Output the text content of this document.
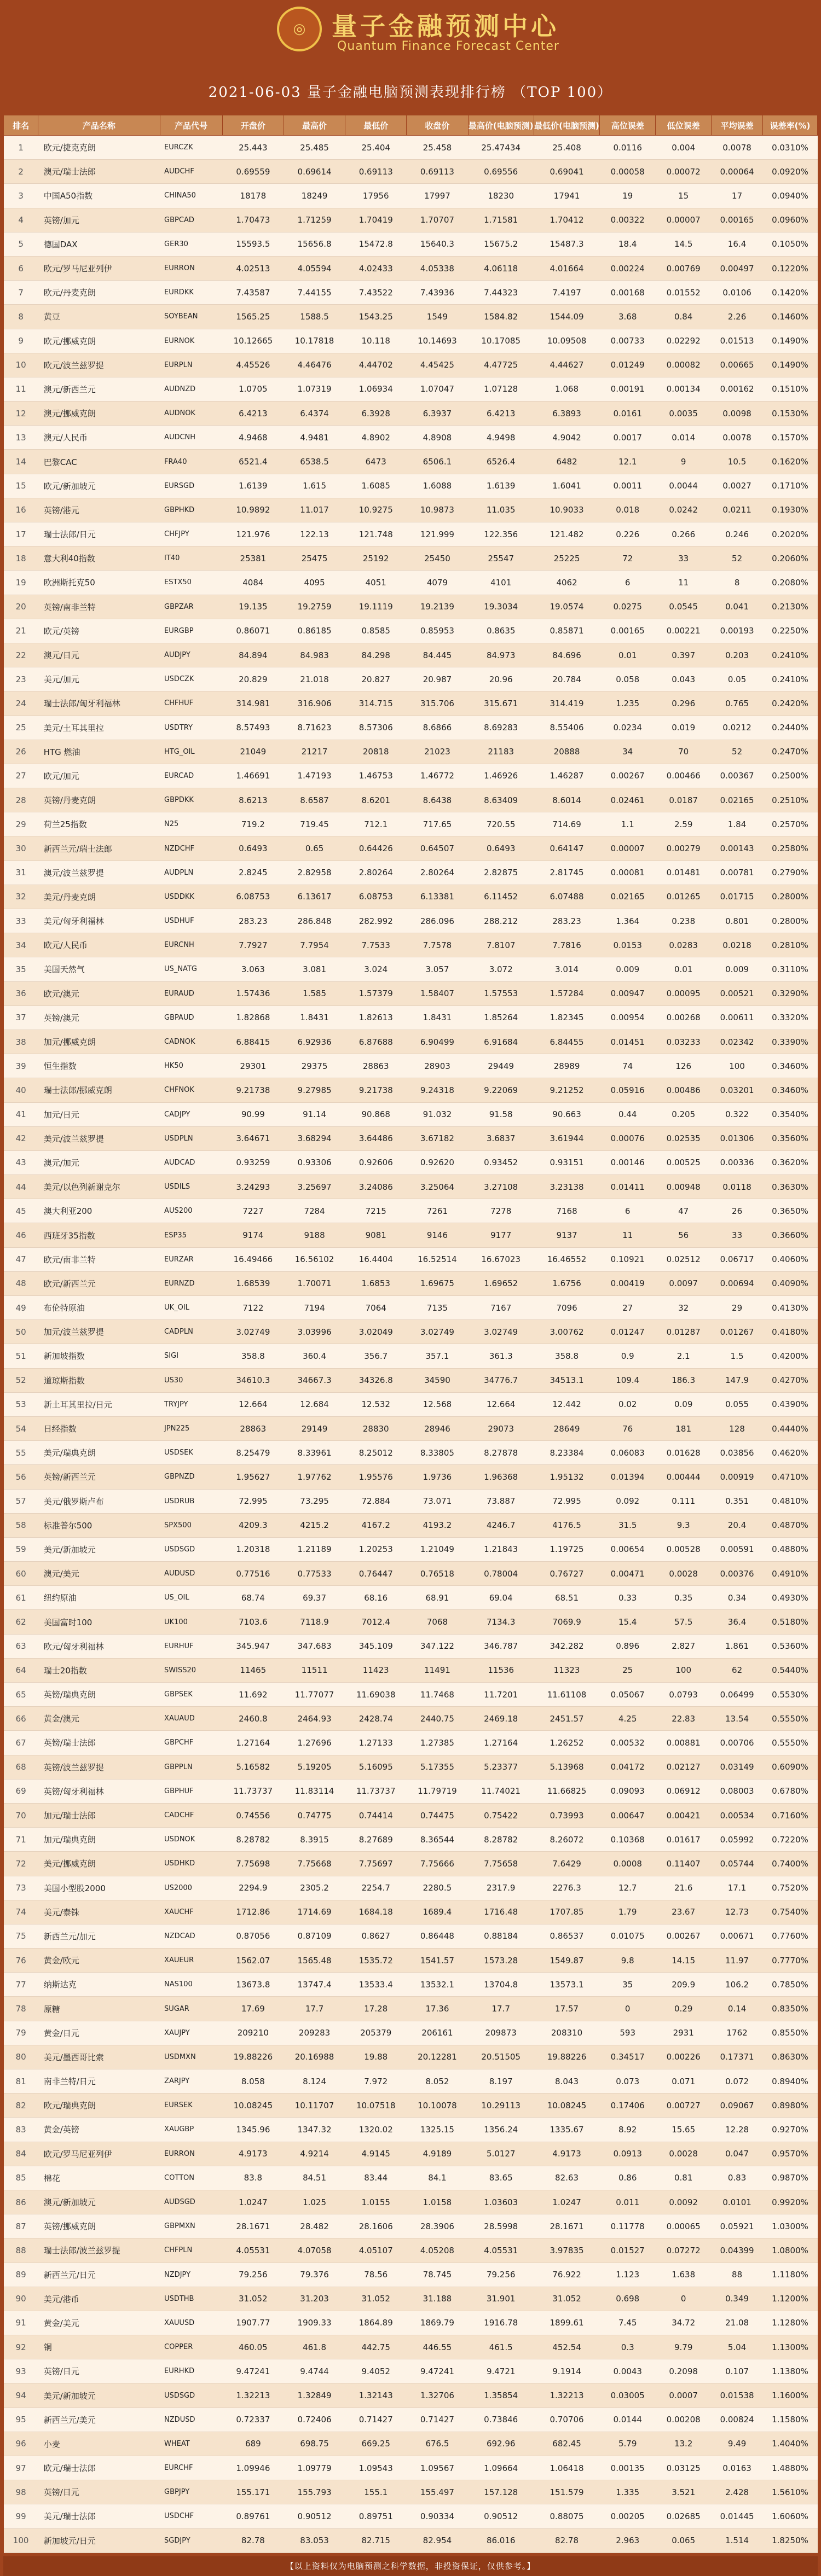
◎	量子金融预测中心
Quantum Finance Forecast Center
2021-06-03 量子金融电脑预测表现排行榜 （TOP 100）
排名	产品名称	产品代号	开盘价	最高价	最低价	收盘价	最高价(电脑预测)	最低价(电脑预测)	高位误差	低位误差	平均误差	误差率(%)
1	欧元/捷克克朗	EURCZK	25.443	25.485	25.404	25.458	25.47434	25.408	0.0116	0.004	0.0078	0.0310%
2	澳元/瑞士法郎	AUDCHF	0.69559	0.69614	0.69113	0.69113	0.69556	0.69041	0.00058	0.00072	0.00064	0.0920%
3	中国A50指数	CHINA50	18178	18249	17956	17997	18230	17941	19	15	17	0.0940%
4	英镑/加元	GBPCAD	1.70473	1.71259	1.70419	1.70707	1.71581	1.70412	0.00322	0.00007	0.00165	0.0960%
5	德国DAX	GER30	15593.5	15656.8	15472.8	15640.3	15675.2	15487.3	18.4	14.5	16.4	0.1050%
6	欧元/罗马尼亚列伊	EURRON	4.02513	4.05594	4.02433	4.05338	4.06118	4.01664	0.00224	0.00769	0.00497	0.1220%
7	欧元/丹麦克朗	EURDKK	7.43587	7.44155	7.43522	7.43936	7.44323	7.4197	0.00168	0.01552	0.0106	0.1420%
8	黄豆	SOYBEAN	1565.25	1588.5	1543.25	1549	1584.82	1544.09	3.68	0.84	2.26	0.1460%
9	欧元/挪威克朗	EURNOK	10.12665	10.17818	10.118	10.14693	10.17085	10.09508	0.00733	0.02292	0.01513	0.1490%
10	欧元/波兰兹罗提	EURPLN	4.45526	4.46476	4.44702	4.45425	4.47725	4.44627	0.01249	0.00082	0.00665	0.1490%
11	澳元/新西兰元	AUDNZD	1.0705	1.07319	1.06934	1.07047	1.07128	1.068	0.00191	0.00134	0.00162	0.1510%
12	澳元/挪威克朗	AUDNOK	6.4213	6.4374	6.3928	6.3937	6.4213	6.3893	0.0161	0.0035	0.0098	0.1530%
13	澳元/人民币	AUDCNH	4.9468	4.9481	4.8902	4.8908	4.9498	4.9042	0.0017	0.014	0.0078	0.1570%
14	巴黎CAC	FRA40	6521.4	6538.5	6473	6506.1	6526.4	6482	12.1	9	10.5	0.1620%
15	欧元/新加坡元	EURSGD	1.6139	1.615	1.6085	1.6088	1.6139	1.6041	0.0011	0.0044	0.0027	0.1710%
16	英镑/港元	GBPHKD	10.9892	11.017	10.9275	10.9873	11.035	10.9033	0.018	0.0242	0.0211	0.1930%
17	瑞士法郎/日元	CHFJPY	121.976	122.13	121.748	121.999	122.356	121.482	0.226	0.266	0.246	0.2020%
18	意大利40指数	IT40	25381	25475	25192	25450	25547	25225	72	33	52	0.2060%
19	欧洲斯托克50	ESTX50	4084	4095	4051	4079	4101	4062	6	11	8	0.2080%
20	英镑/南非兰特	GBPZAR	19.135	19.2759	19.1119	19.2139	19.3034	19.0574	0.0275	0.0545	0.041	0.2130%
21	欧元/英镑	EURGBP	0.86071	0.86185	0.8585	0.85953	0.8635	0.85871	0.00165	0.00221	0.00193	0.2250%
22	澳元/日元	AUDJPY	84.894	84.983	84.298	84.445	84.973	84.696	0.01	0.397	0.203	0.2410%
23	美元/加元	USDCZK	20.829	21.018	20.827	20.987	20.96	20.784	0.058	0.043	0.05	0.2410%
24	瑞士法郎/匈牙利福林	CHFHUF	314.981	316.906	314.715	315.706	315.671	314.419	1.235	0.296	0.765	0.2420%
25	美元/土耳其里拉	USDTRY	8.57493	8.71623	8.57306	8.6866	8.69283	8.55406	0.0234	0.019	0.0212	0.2440%
26	HTG 燃油	HTG_OIL	21049	21217	20818	21023	21183	20888	34	70	52	0.2470%
27	欧元/加元	EURCAD	1.46691	1.47193	1.46753	1.46772	1.46926	1.46287	0.00267	0.00466	0.00367	0.2500%
28	英镑/丹麦克朗	GBPDKK	8.6213	8.6587	8.6201	8.6438	8.63409	8.6014	0.02461	0.0187	0.02165	0.2510%
29	荷兰25指数	N25	719.2	719.45	712.1	717.65	720.55	714.69	1.1	2.59	1.84	0.2570%
30	新西兰元/瑞士法郎	NZDCHF	0.6493	0.65	0.64426	0.64507	0.6493	0.64147	0.00007	0.00279	0.00143	0.2580%
31	澳元/波兰兹罗提	AUDPLN	2.8245	2.82958	2.80264	2.80264	2.82875	2.81745	0.00081	0.01481	0.00781	0.2790%
32	美元/丹麦克朗	USDDKK	6.08753	6.13617	6.08753	6.13381	6.11452	6.07488	0.02165	0.01265	0.01715	0.2800%
33	美元/匈牙利福林	USDHUF	283.23	286.848	282.992	286.096	288.212	283.23	1.364	0.238	0.801	0.2800%
34	欧元/人民币	EURCNH	7.7927	7.7954	7.7533	7.7578	7.8107	7.7816	0.0153	0.0283	0.0218	0.2810%
35	美国天然气	US_NATG	3.063	3.081	3.024	3.057	3.072	3.014	0.009	0.01	0.009	0.3110%
36	欧元/澳元	EURAUD	1.57436	1.585	1.57379	1.58407	1.57553	1.57284	0.00947	0.00095	0.00521	0.3290%
37	英镑/澳元	GBPAUD	1.82868	1.8431	1.82613	1.8431	1.85264	1.82345	0.00954	0.00268	0.00611	0.3320%
38	加元/挪威克朗	CADNOK	6.88415	6.92936	6.87688	6.90499	6.91684	6.84455	0.01451	0.03233	0.02342	0.3390%
39	恒生指数	HK50	29301	29375	28863	28903	29449	28989	74	126	100	0.3460%
40	瑞士法郎/挪威克朗	CHFNOK	9.21738	9.27985	9.21738	9.24318	9.22069	9.21252	0.05916	0.00486	0.03201	0.3460%
41	加元/日元	CADJPY	90.99	91.14	90.868	91.032	91.58	90.663	0.44	0.205	0.322	0.3540%
42	美元/波兰兹罗提	USDPLN	3.64671	3.68294	3.64486	3.67182	3.6837	3.61944	0.00076	0.02535	0.01306	0.3560%
43	澳元/加元	AUDCAD	0.93259	0.93306	0.92606	0.92620	0.93452	0.93151	0.00146	0.00525	0.00336	0.3620%
44	美元/以色列新谢克尔	USDILS	3.24293	3.25697	3.24086	3.25064	3.27108	3.23138	0.01411	0.00948	0.0118	0.3630%
45	澳大利亚200	AUS200	7227	7284	7215	7261	7278	7168	6	47	26	0.3650%
46	西班牙35指数	ESP35	9174	9188	9081	9146	9177	9137	11	56	33	0.3660%
47	欧元/南非兰特	EURZAR	16.49466	16.56102	16.4404	16.52514	16.67023	16.46552	0.10921	0.02512	0.06717	0.4060%
48	欧元/新西兰元	EURNZD	1.68539	1.70071	1.6853	1.69675	1.69652	1.6756	0.00419	0.0097	0.00694	0.4090%
49	布伦特原油	UK_OIL	7122	7194	7064	7135	7167	7096	27	32	29	0.4130%
50	加元/波兰兹罗提	CADPLN	3.02749	3.03996	3.02049	3.02749	3.02749	3.00762	0.01247	0.01287	0.01267	0.4180%
51	新加坡指数	SIGI	358.8	360.4	356.7	357.1	361.3	358.8	0.9	2.1	1.5	0.4200%
52	道琼斯指数	US30	34610.3	34667.3	34326.8	34590	34776.7	34513.1	109.4	186.3	147.9	0.4270%
53	新土耳其里拉/日元	TRYJPY	12.664	12.684	12.532	12.568	12.664	12.442	0.02	0.09	0.055	0.4390%
54	日经指数	JPN225	28863	29149	28830	28946	29073	28649	76	181	128	0.4440%
55	美元/瑞典克朗	USDSEK	8.25479	8.33961	8.25012	8.33805	8.27878	8.23384	0.06083	0.01628	0.03856	0.4620%
56	英镑/新西兰元	GBPNZD	1.95627	1.97762	1.95576	1.9736	1.96368	1.95132	0.01394	0.00444	0.00919	0.4710%
57	美元/俄罗斯卢布	USDRUB	72.995	73.295	72.884	73.071	73.887	72.995	0.092	0.111	0.351	0.4810%
58	标准普尔500	SPX500	4209.3	4215.2	4167.2	4193.2	4246.7	4176.5	31.5	9.3	20.4	0.4870%
59	美元/新加坡元	USDSGD	1.20318	1.21189	1.20253	1.21049	1.21843	1.19725	0.00654	0.00528	0.00591	0.4880%
60	澳元/美元	AUDUSD	0.77516	0.77533	0.76447	0.76518	0.78004	0.76727	0.00471	0.0028	0.00376	0.4910%
61	纽约原油	US_OIL	68.74	69.37	68.16	68.91	69.04	68.51	0.33	0.35	0.34	0.4930%
62	美国富时100	UK100	7103.6	7118.9	7012.4	7068	7134.3	7069.9	15.4	57.5	36.4	0.5180%
63	欧元/匈牙利福林	EURHUF	345.947	347.683	345.109	347.122	346.787	342.282	0.896	2.827	1.861	0.5360%
64	瑞士20指数	SWISS20	11465	11511	11423	11491	11536	11323	25	100	62	0.5440%
65	英镑/瑞典克朗	GBPSEK	11.692	11.77077	11.69038	11.7468	11.7201	11.61108	0.05067	0.0793	0.06499	0.5530%
66	黄金/澳元	XAUAUD	2460.8	2464.93	2428.74	2440.75	2469.18	2451.57	4.25	22.83	13.54	0.5550%
67	英镑/瑞士法郎	GBPCHF	1.27164	1.27696	1.27133	1.27385	1.27164	1.26252	0.00532	0.00881	0.00706	0.5550%
68	英镑/波兰兹罗提	GBPPLN	5.16582	5.19205	5.16095	5.17355	5.23377	5.13968	0.04172	0.02127	0.03149	0.6090%
69	英镑/匈牙利福林	GBPHUF	11.73737	11.83114	11.73737	11.79719	11.74021	11.66825	0.09093	0.06912	0.08003	0.6780%
70	加元/瑞士法郎	CADCHF	0.74556	0.74775	0.74414	0.74475	0.75422	0.73993	0.00647	0.00421	0.00534	0.7160%
71	加元/瑞典克朗	USDNOK	8.28782	8.3915	8.27689	8.36544	8.28782	8.26072	0.10368	0.01617	0.05992	0.7220%
72	美元/挪威克朗	USDHKD	7.75698	7.75668	7.75697	7.75666	7.75658	7.6429	0.0008	0.11407	0.05744	0.7400%
73	美国小型股2000	US2000	2294.9	2305.2	2254.7	2280.5	2317.9	2276.3	12.7	21.6	17.1	0.7520%
74	美元/泰铢	XAUCHF	1712.86	1714.69	1684.18	1689.4	1716.48	1707.85	1.79	23.67	12.73	0.7540%
75	新西兰元/加元	NZDCAD	0.87056	0.87109	0.8627	0.86448	0.88184	0.86537	0.01075	0.00267	0.00671	0.7760%
76	黄金/欧元	XAUEUR	1562.07	1565.48	1535.72	1541.57	1573.28	1549.87	9.8	14.15	11.97	0.7770%
77	纳斯达克	NAS100	13673.8	13747.4	13533.4	13532.1	13704.8	13573.1	35	209.9	106.2	0.7850%
78	原糖	SUGAR	17.69	17.7	17.28	17.36	17.7	17.57	0	0.29	0.14	0.8350%
79	黄金/日元	XAUJPY	209210	209283	205379	206161	209873	208310	593	2931	1762	0.8550%
80	美元/墨西哥比索	USDMXN	19.88226	20.16988	19.88	20.12281	20.51505	19.88226	0.34517	0.00226	0.17371	0.8630%
81	南非兰特/日元	ZARJPY	8.058	8.124	7.972	8.052	8.197	8.043	0.073	0.071	0.072	0.8940%
82	欧元/瑞典克朗	EURSEK	10.08245	10.11707	10.07518	10.10078	10.29113	10.08245	0.17406	0.00727	0.09067	0.8980%
83	黄金/英镑	XAUGBP	1345.96	1347.32	1320.02	1325.15	1356.24	1335.67	8.92	15.65	12.28	0.9270%
84	欧元/罗马尼亚列伊	EURRON	4.9173	4.9214	4.9145	4.9189	5.0127	4.9173	0.0913	0.0028	0.047	0.9570%
85	棉花	COTTON	83.8	84.51	83.44	84.1	83.65	82.63	0.86	0.81	0.83	0.9870%
86	澳元/新加坡元	AUDSGD	1.0247	1.025	1.0155	1.0158	1.03603	1.0247	0.011	0.0092	0.0101	0.9920%
87	英镑/挪威克朗	GBPMXN	28.1671	28.482	28.1606	28.3906	28.5998	28.1671	0.11778	0.00065	0.05921	1.0300%
88	瑞士法郎/波兰兹罗提	CHFPLN	4.05531	4.07058	4.05107	4.05208	4.05531	3.97835	0.01527	0.07272	0.04399	1.0800%
89	新西兰元/日元	NZDJPY	79.256	79.376	78.56	78.745	79.256	76.922	1.123	1.638	88	1.1180%
90	美元/港币	USDTHB	31.052	31.203	31.052	31.188	31.901	31.052	0.698	0	0.349	1.1200%
91	黄金/美元	XAUUSD	1907.77	1909.33	1864.89	1869.79	1916.78	1899.61	7.45	34.72	21.08	1.1280%
92	铜	COPPER	460.05	461.8	442.75	446.55	461.5	452.54	0.3	9.79	5.04	1.1300%
93	英镑/日元	EURHKD	9.47241	9.4744	9.4052	9.47241	9.4721	9.1914	0.0043	0.2098	0.107	1.1380%
94	美元/新加坡元	USDSGD	1.32213	1.32849	1.32143	1.32706	1.35854	1.32213	0.03005	0.0007	0.01538	1.1600%
95	新西兰元/美元	NZDUSD	0.72337	0.72406	0.71427	0.71427	0.73846	0.70706	0.0144	0.00208	0.00824	1.1580%
96	小麦	WHEAT	689	698.75	669.25	676.5	692.96	682.45	5.79	13.2	9.49	1.4040%
97	欧元/瑞士法郎	EURCHF	1.09946	1.09779	1.09543	1.09567	1.09664	1.06418	0.00135	0.03125	0.0163	1.4880%
98	英镑/日元	GBPJPY	155.171	155.793	155.1	155.497	157.128	151.579	1.335	3.521	2.428	1.5610%
99	美元/瑞士法郎	USDCHF	0.89761	0.90512	0.89751	0.90334	0.90512	0.88075	0.00205	0.02685	0.01445	1.6060%
100	新加坡元/日元	SGDJPY	82.78	83.053	82.715	82.954	86.016	82.78	2.963	0.065	1.514	1.8250%
【以上资料仅为电脑预测之科学数据，非投资保证，仅供参考。】
